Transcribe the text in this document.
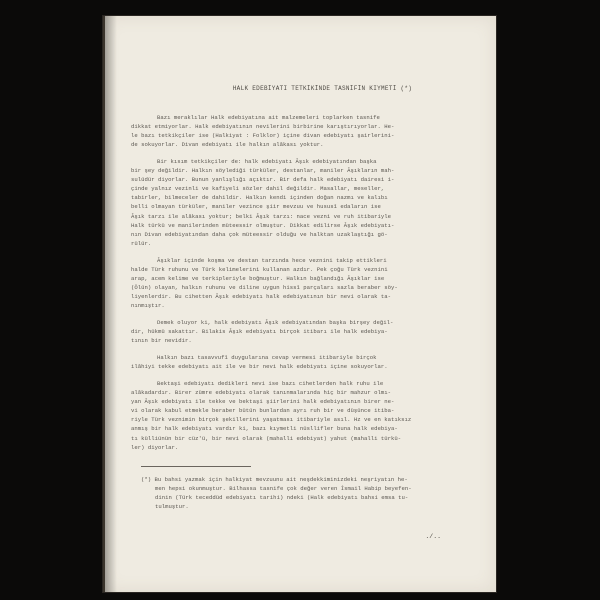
HALK EDEBİYATI TETKİKİNDE TASNİFİN KIYMETİ (*)
Bazı meraklılar Halk edebiyatına ait malzemeleri toplarken tasnife
dikkat etmiyorlar. Halk edebiyatının nevilerini birbirine karıştırıyorlar. He-
le bazı tetkikçiler ise (Halkiyat : Folklor) içine divan edebiyatı şairlerini-
de sokuyorlar. Divan edebiyatı ile halkın alâkası yoktur.
Bir kısım tetkikçiler de: halk edebiyatı Âşık edebiyatından başka
bir şey değildir. Halkın söylediği türküler, destanlar, maniler Âşıkların mah-
sulüdür diyorlar. Bunun yanlışlığı açıktır. Bir defa halk edebiyatı dairesi i-
çinde yalnız vezinli ve kafiyeli sözler dahil değildir. Masallar, meseller,
tabirler, bilmeceler de dahildir. Halkın kendi içinden doğan nazmı ve kalıbı
belli olmayan türküler, maniler vezince şiir mevzuu ve hususî edaların ise
Âşık tarzı ile alâkası yoktur; belki Âşık tarzı: nace vezni ve ruh itibariyle
Halk türkü ve manilerinden müteessir olmuştur. Dikkat edilirse Âşık edebiyatı-
nın Divan edebiyatından daha çok müteessir olduğu ve halktan uzaklaştığı gö-
rülür.
Âşıklar içinde koşma ve destan tarzında hece veznini takip ettikleri
halde Türk ruhunu ve Türk kelimelerini kullanan azdır. Pek çoğu Türk veznini
arap, acem kelime ve terkipleriyle boğmuştur. Halkın bağlandığı Âşıklar ise
(Ölün) olayan, halkın ruhunu ve diline uygun hissî parçaları sazla beraber söy-
liyenlerdir. Bu cihetten Âşık edebiyatı halk edebiyatının bir nevi olarak ta-
nınmıştır.
Demek oluyor ki, halk edebiyatı Âşık edebiyatından başka birşey değil-
dir, hükmü sakattır. Bilakis Âşık edebiyatı birçok itibarı ile halk edebiya-
tının bir nevidir.
Halkın bazı tasavvufî duygularına cevap vermesi itibariyle birçok
ilâhiyi tekke edebiyatı ait ile ve bir nevi halk edebiyatı içine sokuyorlar.
Bektaşi edebiyatı dedikleri nevi ise bazı cihetlerden halk ruhu ile
alâkadardır. Birer zümre edebiyatı olarak tanınmalarında hiç bir mahzur olmı-
yan Âşık edebiyatı ile tekke ve bektaşi şiirlerini halk edebiyatının birer ne-
vi olarak kabul etmekle beraber bütün bunlardan ayrı ruh bir ve düşünce itiba-
riyle Türk veznimin birçok şekillerini yaşatması itibariyle asıl. Hz ve en katıksız
anmış bir halk edebiyatı vardır ki, bazı kıymetli nüsllifler buna halk edebiya-
tı külliünün bir cüz'ü, bir nevi olarak (mahalli edebiyat) yahut (mahalli türkü-
ler) diyorlar.
(*) Bu bahsi yazmak için halkiyat mevzuunu ait neşdekkiminizdeki neşriyatın he-
men hepsi okunmuştur. Bilhassa tasnife çok değer veren İsmail Habip beyefen-
dinin (Türk teceddüd edebiyatı tarihi) ndeki (Halk edebiyatı bahsi emsa tu-
tulmuştur.
./..
